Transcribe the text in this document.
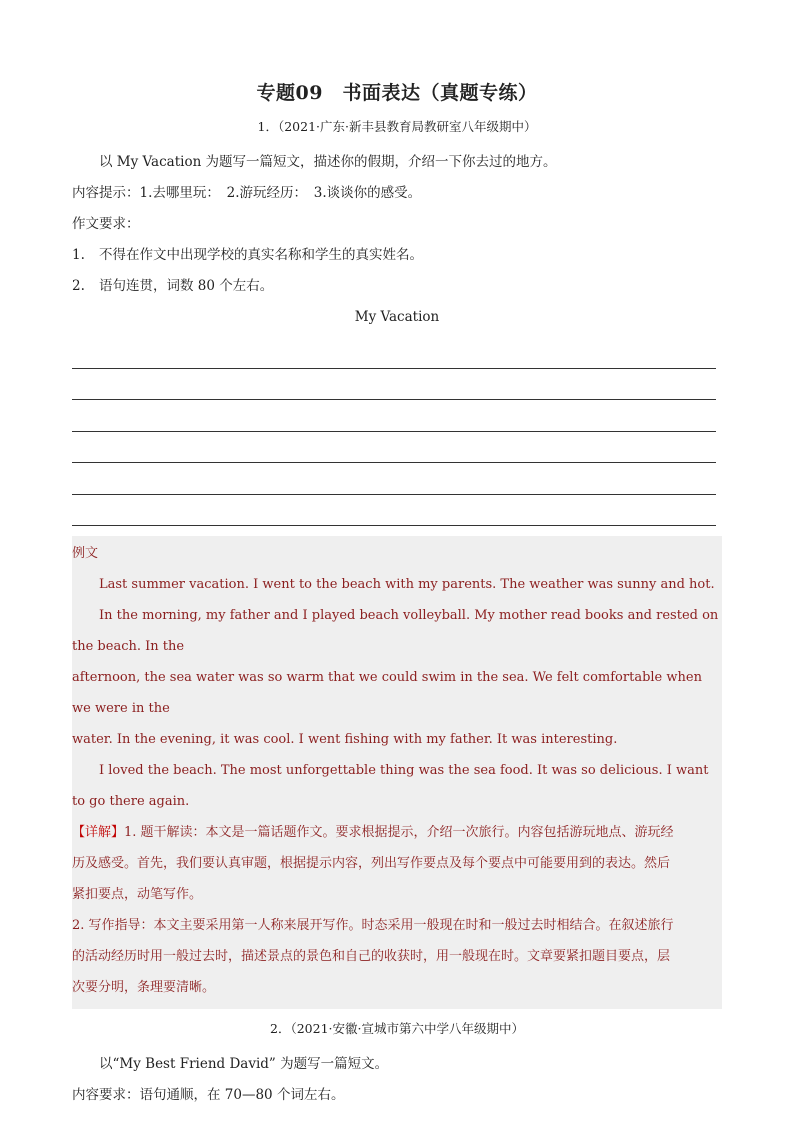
专题09　书面表达（真题专练）
1．（2021·广东·新丰县教育局教研室八年级期中）
以 My Vacation 为题写一篇短文，描述你的假期，介绍一下你去过的地方。
内容提示：1.去哪里玩：　2.游玩经历：　3.谈谈你的感受。
作文要求：
1. 不得在作文中出现学校的真实名称和学生的真实姓名。
2. 语句连贯，词数 80 个左右。
My Vacation
例文
Last summer vacation. I went to the beach with my parents. The weather was sunny and hot.
In the morning, my father and I played beach volleyball. My mother read books and rested on the beach. In the
afternoon, the sea water was so warm that we could swim in the sea. We felt comfortable when we were in the
water. In the evening, it was cool. I went fishing with my father. It was interesting.
I loved the beach. The most unforgettable thing was the sea food. It was so delicious. I want to go there again.
【详解】1. 题干解读：本文是一篇话题作文。要求根据提示，介绍一次旅行。内容包括游玩地点、游玩经
历及感受。首先，我们要认真审题，根据提示内容，列出写作要点及每个要点中可能要用到的表达。然后
紧扣要点，动笔写作。
2. 写作指导：本文主要采用第一人称来展开写作。时态采用一般现在时和一般过去时相结合。在叙述旅行
的活动经历时用一般过去时，描述景点的景色和自己的收获时，用一般现在时。文章要紧扣题目要点，层
次要分明，条理要清晰。
2．（2021·安徽·宣城市第六中学八年级期中）
以“My Best Friend David” 为题写一篇短文。
内容要求：语句通顺，在 70—80 个词左右。
